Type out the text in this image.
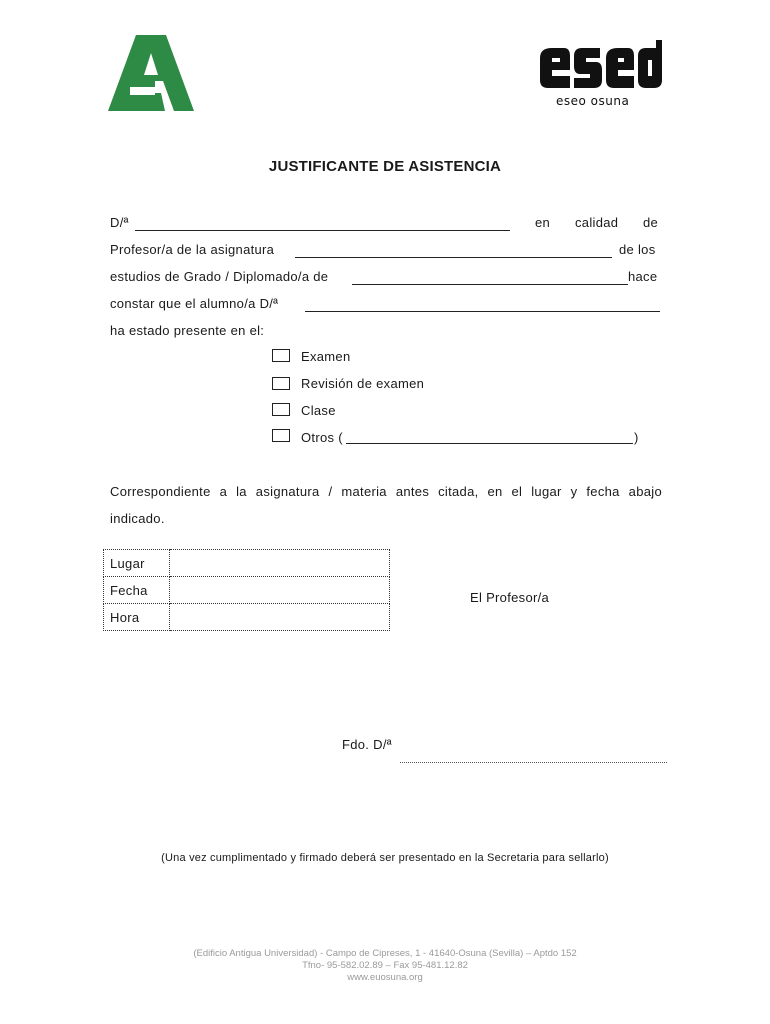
®
eseo osuna
JUSTIFICANTE DE ASISTENCIA
D/ª	en calidad de
Profesor/a de la asignatura	de los
estudios de Grado / Diplomado/a de	hace
constar que el alumno/a D/ª
ha estado presente en el:
Examen
Revisión de examen
Clase
Otros (	)
Correspondiente a la asignatura / materia antes citada, en el lugar y fecha abajo
indicado.
Lugar	
Fecha	
Hora	
El Profesor/a
Fdo. D/ª
(Una vez cumplimentado y firmado deberá ser presentado en la Secretaria para sellarlo)
(Edificio Antigua Universidad) - Campo de Cipreses, 1 - 41640-Osuna (Sevilla) – Aptdo 152
Tfno- 95-582.02.89 – Fax 95-481.12.82
www.euosuna.org
